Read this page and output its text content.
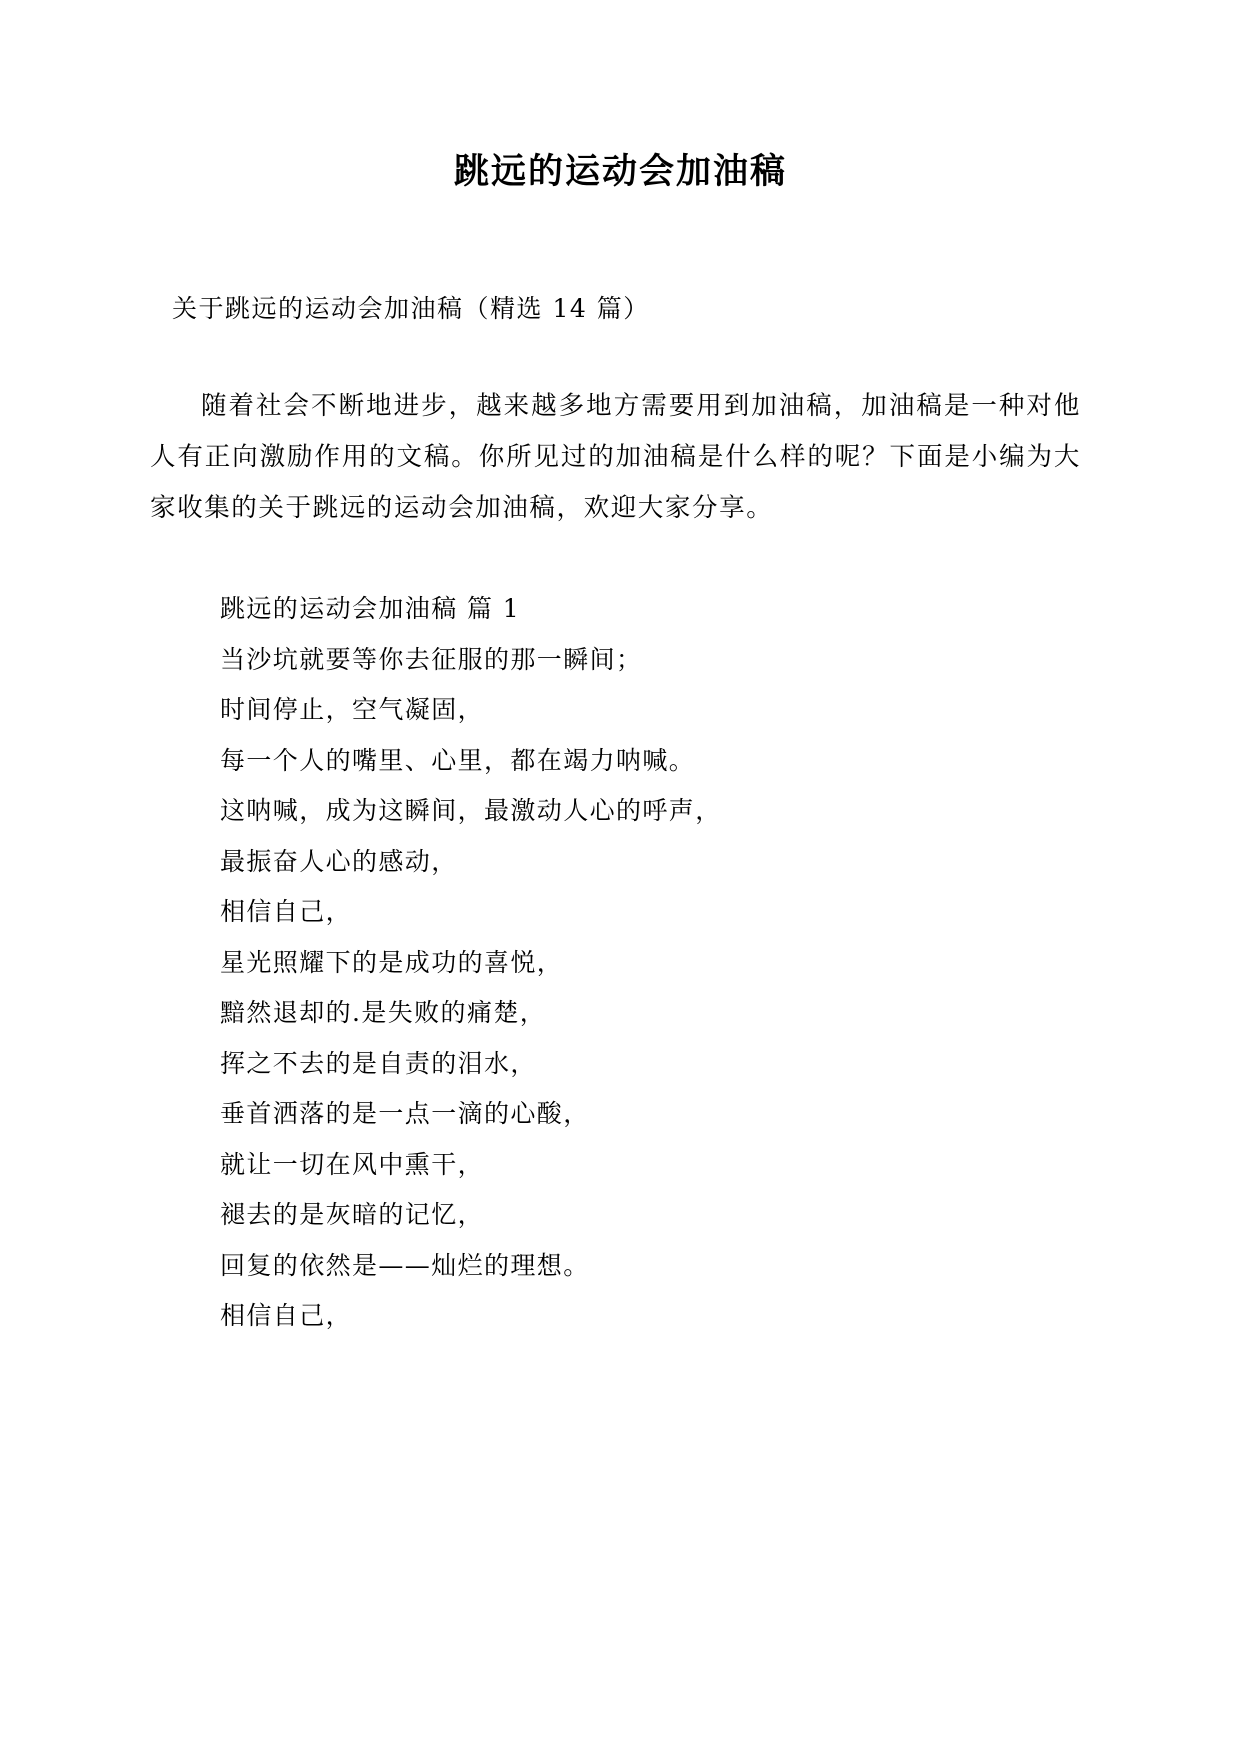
跳远的运动会加油稿

关于跳远的运动会加油稿（精选 14 篇）

随着社会不断地进步，越来越多地方需要用到加油稿，加油稿是一种对他人有正向激励作用的文稿。你所见过的加油稿是什么样的呢？下面是小编为大家收集的关于跳远的运动会加油稿，欢迎大家分享。

跳远的运动会加油稿 篇 1
当沙坑就要等你去征服的那一瞬间；
时间停止，空气凝固，
每一个人的嘴里、心里，都在竭力呐喊。
这呐喊，成为这瞬间，最激动人心的呼声，
最振奋人心的感动，
相信自己，
星光照耀下的是成功的喜悦，
黯然退却的.是失败的痛楚，
挥之不去的是自责的泪水，
垂首洒落的是一点一滴的心酸，
就让一切在风中熏干，
褪去的是灰暗的记忆，
回复的依然是——灿烂的理想。
相信自己，
